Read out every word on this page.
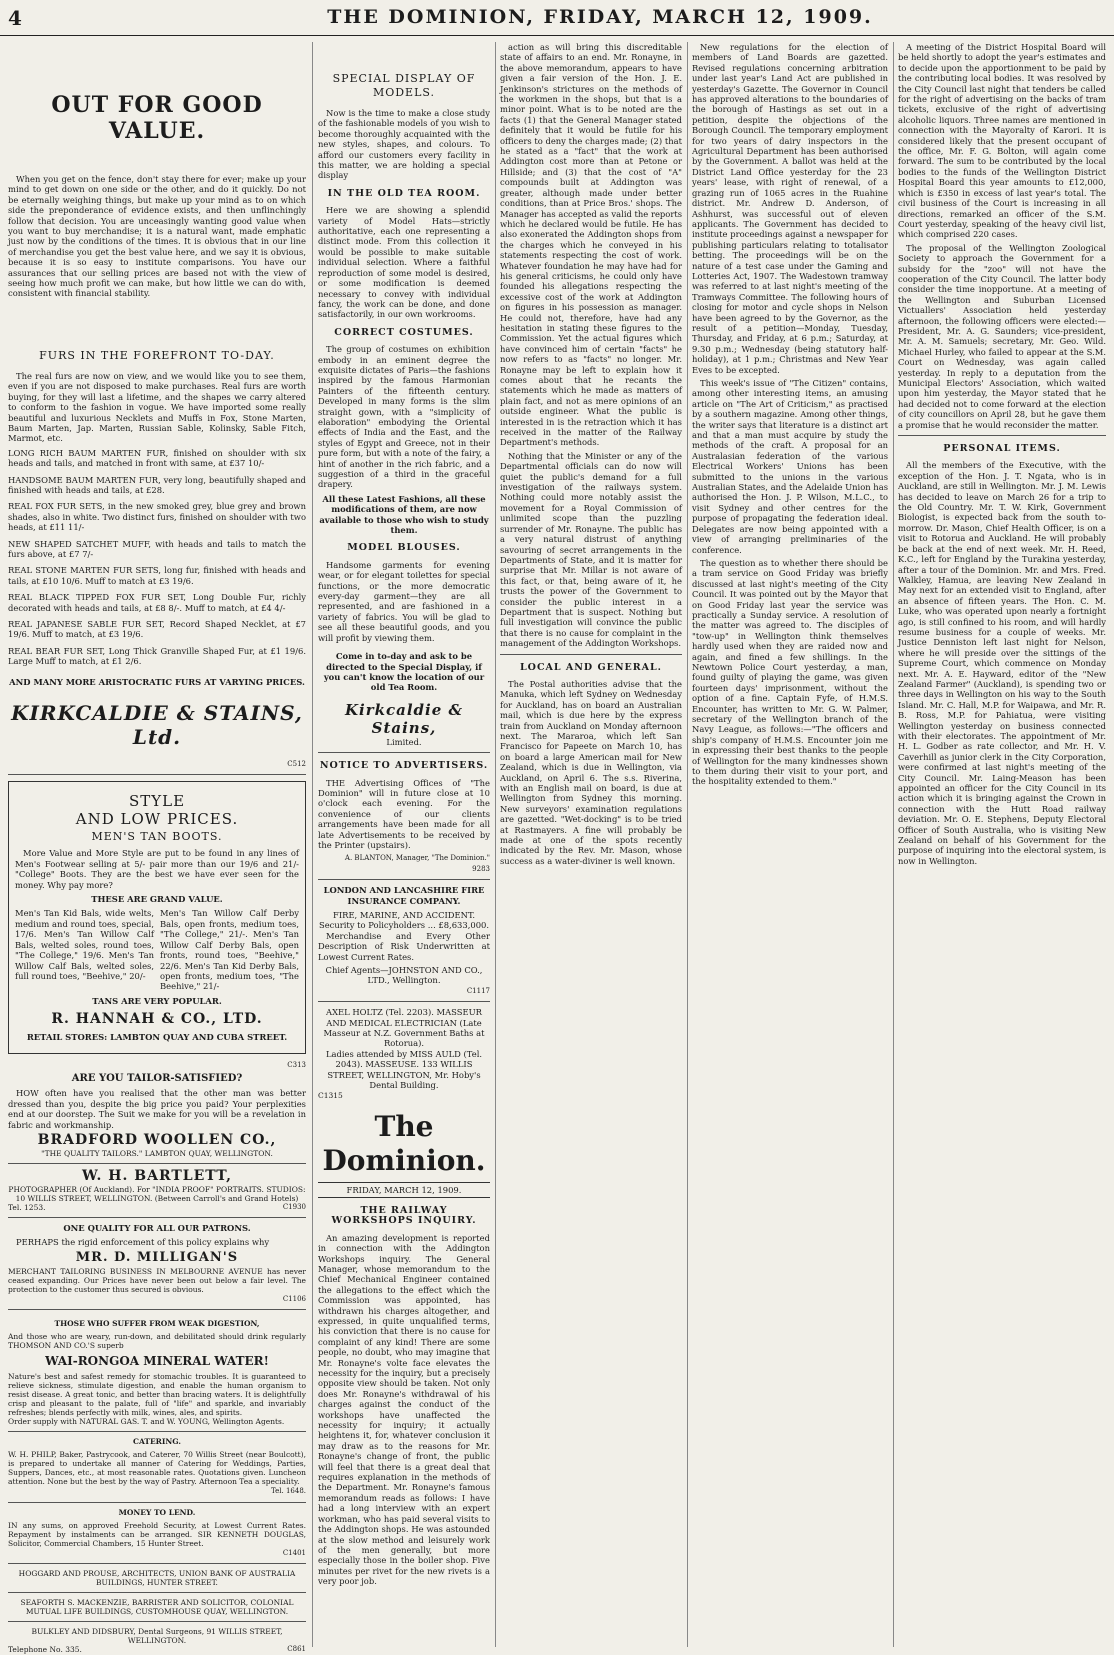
4	THE DOMINION, FRIDAY, MARCH 12, 1909.
OUT FOR GOOD VALUE.

When you get on the fence, don't stay there for ever; make up your mind to get down on one side or the other, and do it quickly. Do not be eternally weighing things, but make up your mind as to on which side the preponderance of evidence exists, and then unflinchingly follow that decision. You are unceasingly wanting good value when you want to buy merchandise; it is a natural want, made emphatic just now by the conditions of the times. It is obvious that in our line of merchandise you get the best value here, and we say it is obvious, because it is so easy to institute comparisons. You have our assurances that our selling prices are based not with the view of seeing how much profit we can make, but how little we can do with, consistent with financial stability.

FURS IN THE FOREFRONT TO-DAY.

The real furs are now on view, and we would like you to see them, even if you are not disposed to make purchases. Real furs are worth buying, for they will last a lifetime, and the shapes we carry altered to conform to the fashion in vogue. We have imported some really beautiful and luxurious Necklets and Muffs in Fox, Stone Marten, Baum Marten, Jap. Marten, Russian Sable, Kolinsky, Sable Fitch, Marmot, etc.

LONG RICH BAUM MARTEN FUR, finished on shoulder with six heads and tails, and matched in front with same, at £37 10/-
HANDSOME BAUM MARTEN FUR, very long, beautifully shaped and finished with heads and tails, at £28.
REAL FOX FUR SETS, in the new smoked grey, blue grey and brown shades, also in white. Two distinct furs, finished on shoulder with two heads, at £11 11/-
NEW SHAPED SATCHET MUFF, with heads and tails to match the furs above, at £7 7/-
REAL STONE MARTEN FUR SETS, long fur, finished with heads and tails, at £10 10/6. Muff to match at £3 19/6.
REAL BLACK TIPPED FOX FUR SET, Long Double Fur, richly decorated with heads and tails, at £8 8/-. Muff to match, at £4 4/-
REAL JAPANESE SABLE FUR SET, Record Shaped Necklet, at £7 19/6. Muff to match, at £3 19/6.
REAL BEAR FUR SET, Long Thick Granville Shaped Fur, at £1 19/6. Large Muff to match, at £1 2/6.
AND MANY MORE ARISTOCRATIC FURS AT VARYING PRICES.
KIRKCALDIE & STAINS, Ltd.
C512
STYLE
AND LOW PRICES.
MEN'S TAN BOOTS.

More Value and More Style are put to be found in any lines of Men's Footwear selling at 5/- pair more than our 19/6 and 21/- "College" Boots. They are the best we have ever seen for the money. Why pay more?

THESE ARE GRAND VALUE.
Men's Tan Kid Bals, wide welts, medium and round toes, special, 17/6. Men's Tan Willow Calf Bals, welted soles, round toes, "The College," 19/6. Men's Tan Willow Calf Bals, welted soles, full round toes, "Beehive," 20/-
Men's Tan Willow Calf Derby Bals, open fronts, medium toes, "The College," 21/-. Men's Tan Willow Calf Derby Bals, open fronts, round toes, "Beehive," 22/6. Men's Tan Kid Derby Bals, open fronts, medium toes, "The Beehive," 21/-
TANS ARE VERY POPULAR.
R. HANNAH & CO., LTD.
RETAIL STORES: LAMBTON QUAY AND CUBA STREET.
C313
ARE YOU TAILOR-SATISFIED?

HOW often have you realised that the other man was better dressed than you, despite the big price you paid? Your perplexities end at our doorstep. The Suit we make for you will be a revelation in fabric and workmanship.

BRADFORD WOOLLEN CO.,
"THE QUALITY TAILORS." LAMBTON QUAY, WELLINGTON.
W. H. BARTLETT,
PHOTOGRAPHER (Of Auckland). For "INDIA PROOF" PORTRAITS. STUDIOS: 10 WILLIS STREET, WELLINGTON. (Between Carroll's and Grand Hotels)
Tel. 1253.	C1930
ONE QUALITY FOR ALL OUR PATRONS.

PERHAPS the rigid enforcement of this policy explains why

MR. D. MILLIGAN'S
MERCHANT TAILORING BUSINESS IN MELBOURNE AVENUE has never ceased expanding. Our Prices have never been out below a fair level. The protection to the customer thus secured is obvious.
C1106
THOSE WHO SUFFER FROM WEAK DIGESTION,
And those who are weary, run-down, and debilitated should drink regularly THOMSON AND CO.'S superb
WAI-RONGOA MINERAL WATER!
Nature's best and safest remedy for stomachic troubles. It is guaranteed to relieve sickness, stimulate digestion, and enable the human organism to resist disease. A great tonic, and better than bracing waters. It is delightfully crisp and pleasant to the palate, full of "life" and sparkle, and invariably refreshes; blends perfectly with milk, wines, ales, and spirits.
Order supply with NATURAL GAS. T. and W. YOUNG, Wellington Agents.
CATERING.
W. H. PHILP, Baker, Pastrycook, and Caterer, 70 Willis Street (near Boulcott), is prepared to undertake all manner of Catering for Weddings, Parties, Suppers, Dances, etc., at most reasonable rates. Quotations given. Luncheon attention. None but the best by the way of Pastry. Afternoon Tea a speciality.
Tel. 1648.
MONEY TO LEND.
IN any sums, on approved Freehold Security, at Lowest Current Rates. Repayment by instalments can be arranged. SIR KENNETH DOUGLAS, Solicitor, Commercial Chambers, 15 Hunter Street.
C1401
HOGGARD AND PROUSE, ARCHITECTS, UNION BANK OF AUSTRALIA BUILDINGS, HUNTER STREET.
SEAFORTH S. MACKENZIE, BARRISTER AND SOLICITOR, COLONIAL MUTUAL LIFE BUILDINGS, CUSTOMHOUSE QUAY, WELLINGTON.
BULKLEY AND DIDSBURY, Dental Surgeons, 91 WILLIS STREET, WELLINGTON.
Telephone No. 335.	C861
SPECIAL DISPLAY OF MODELS.

Now is the time to make a close study of the fashionable models of you wish to become thoroughly acquainted with the new styles, shapes, and colours. To afford our customers every facility in this matter, we are holding a special display

IN THE OLD TEA ROOM.

Here we are showing a splendid variety of Model Hats—strictly authoritative, each one representing a distinct mode. From this collection it would be possible to make suitable individual selection. Where a faithful reproduction of some model is desired, or some modification is deemed necessary to convey with individual fancy, the work can be done, and done satisfactorily, in our own workrooms.

CORRECT COSTUMES.

The group of costumes on exhibition embody in an eminent degree the exquisite dictates of Paris—the fashions inspired by the famous Harmonian Painters of the fifteenth century. Developed in many forms is the slim straight gown, with a "simplicity of elaboration" embodying the Oriental effects of India and the East, and the styles of Egypt and Greece, not in their pure form, but with a note of the fairy, a hint of another in the rich fabric, and a suggestion of a third in the graceful drapery.

All these Latest Fashions, all these modifications of them, are now available to those who wish to study them.
MODEL BLOUSES.

Handsome garments for evening wear, or for elegant toilettes for special functions, or the more democratic every-day garment—they are all represented, and are fashioned in a variety of fabrics. You will be glad to see all these beautiful goods, and you will profit by viewing them.

Come in to-day and ask to be directed to the Special Display, if you can't know the location of our old Tea Room.
Kirkcaldie & Stains,
Limited.
NOTICE TO ADVERTISERS.

THE Advertising Offices of "The Dominion" will in future close at 10 o'clock each evening. For the convenience of our clients arrangements have been made for all late Advertisements to be received by the Printer (upstairs).

A. BLANTON, Manager, "The Dominion."
9283
LONDON AND LANCASHIRE FIRE INSURANCE COMPANY.
FIRE, MARINE, AND ACCIDENT.
Security to Policyholders ... £8,633,000.

Merchandise and Every Other Description of Risk Underwritten at Lowest Current Rates.

Chief Agents—JOHNSTON AND CO., LTD., Wellington.
C1117
AXEL HOLTZ (Tel. 2203). MASSEUR AND MEDICAL ELECTRICIAN (Late Masseur at N.Z. Government Baths at Rotorua).
Ladies attended by MISS AULD (Tel. 2043). MASSEUSE. 133 WILLIS STREET, WELLINGTON, Mr. Hoby's Dental Building.
C1315
The Dominion.
FRIDAY, MARCH 12, 1909.
THE RAILWAY WORKSHOPS INQUIRY.

An amazing development is reported in connection with the Addington Workshops inquiry. The General Manager, whose memorandum to the Chief Mechanical Engineer contained the allegations to the effect which the Commission was appointed, has withdrawn his charges altogether, and expressed, in quite unqualified terms, his conviction that there is no cause for complaint of any kind! There are some people, no doubt, who may imagine that Mr. Ronayne's volte face elevates the necessity for the inquiry, but a precisely opposite view should be taken. Not only does Mr. Ronayne's withdrawal of his charges against the conduct of the workshops have unaffected the necessity for inquiry; it actually heightens it, for, whatever conclusion it may draw as to the reasons for Mr. Ronayne's change of front, the public will feel that there is a great deal that requires explanation in the methods of the Department. Mr. Ronayne's famous memorandum reads as follows: I have had a long interview with an expert workman, who has paid several visits to the Addington shops. He was astounded at the slow method and leisurely work of the men generally, but more especially those in the boiler shop. Five minutes per rivet for the new rivets is a very poor job.

action as will bring this discreditable state of affairs to an end. Mr. Ronayne, in the above memorandum, appears to have given a fair version of the Hon. J. E. Jenkinson's strictures on the methods of the workmen in the shops, but that is a minor point. What is to be noted are the facts (1) that the General Manager stated definitely that it would be futile for his officers to deny the charges made; (2) that he stated as a "fact" that the work at Addington cost more than at Petone or Hillside; and (3) that the cost of "A" compounds built at Addington was greater, although made under better conditions, than at Price Bros.' shops. The Manager has accepted as valid the reports which he declared would be futile. He has also exonerated the Addington shops from the charges which he conveyed in his statements respecting the cost of work. Whatever foundation he may have had for his general criticisms, he could only have founded his allegations respecting the excessive cost of the work at Addington on figures in his possession as manager. He could not, therefore, have had any hesitation in stating these figures to the Commission. Yet the actual figures which have convinced him of certain "facts" he now refers to as "facts" no longer. Mr. Ronayne may be left to explain how it comes about that he recants the statements which he made as matters of plain fact, and not as mere opinions of an outside engineer. What the public is interested in is the retraction which it has received in the matter of the Railway Department's methods.

Nothing that the Minister or any of the Departmental officials can do now will quiet the public's demand for a full investigation of the railways system. Nothing could more notably assist the movement for a Royal Commission of unlimited scope than the puzzling surrender of Mr. Ronayne. The public has a very natural distrust of anything savouring of secret arrangements in the Departments of State, and it is matter for surprise that Mr. Millar is not aware of this fact, or that, being aware of it, he trusts the power of the Government to consider the public interest in a Department that is suspect. Nothing but full investigation will convince the public that there is no cause for complaint in the management of the Addington Workshops.

LOCAL AND GENERAL.

The Postal authorities advise that the Manuka, which left Sydney on Wednesday for Auckland, has on board an Australian mail, which is due here by the express train from Auckland on Monday afternoon next. The Mararoa, which left San Francisco for Papeete on March 10, has on board a large American mail for New Zealand, which is due in Wellington, via Auckland, on April 6. The s.s. Riverina, with an English mail on board, is due at Wellington from Sydney this morning. New surveyors' examination regulations are gazetted. "Wet-docking" is to be tried at Rastmayers. A fine will probably be made at one of the spots recently indicated by the Rev. Mr. Mason, whose success as a water-diviner is well known.

New regulations for the election of members of Land Boards are gazetted. Revised regulations concerning arbitration under last year's Land Act are published in yesterday's Gazette. The Governor in Council has approved alterations to the boundaries of the borough of Hastings as set out in a petition, despite the objections of the Borough Council. The temporary employment for two years of dairy inspectors in the Agricultural Department has been authorised by the Government. A ballot was held at the District Land Office yesterday for the 23 years' lease, with right of renewal, of a grazing run of 1065 acres in the Ruahine district. Mr. Andrew D. Anderson, of Ashhurst, was successful out of eleven applicants. The Government has decided to institute proceedings against a newspaper for publishing particulars relating to totalisator betting. The proceedings will be on the nature of a test case under the Gaming and Lotteries Act, 1907. The Wadestown tramway was referred to at last night's meeting of the Tramways Committee. The following hours of closing for motor and cycle shops in Nelson have been agreed to by the Governor, as the result of a petition—Monday, Tuesday, Thursday, and Friday, at 6 p.m.; Saturday, at 9.30 p.m.; Wednesday (being statutory half-holiday), at 1 p.m.; Christmas and New Year Eves to be excepted.

This week's issue of "The Citizen" contains, among other interesting items, an amusing article on "The Art of Criticism," as practised by a southern magazine. Among other things, the writer says that literature is a distinct art and that a man must acquire by study the methods of the craft. A proposal for an Australasian federation of the various Electrical Workers' Unions has been submitted to the unions in the various Australian States, and the Adelaide Union has authorised the Hon. J. P. Wilson, M.L.C., to visit Sydney and other centres for the purpose of propagating the federation ideal. Delegates are now being appointed with a view of arranging preliminaries of the conference.

The question as to whether there should be a tram service on Good Friday was briefly discussed at last night's meeting of the City Council. It was pointed out by the Mayor that on Good Friday last year the service was practically a Sunday service. A resolution of the matter was agreed to. The disciples of "tow-up" in Wellington think themselves hardly used when they are raided now and again, and fined a few shillings. In the Newtown Police Court yesterday, a man, found guilty of playing the game, was given fourteen days' imprisonment, without the option of a fine. Captain Fyfe, of H.M.S. Encounter, has written to Mr. G. W. Palmer, secretary of the Wellington branch of the Navy League, as follows:—"The officers and ship's company of H.M.S. Encounter join me in expressing their best thanks to the people of Wellington for the many kindnesses shown to them during their visit to your port, and the hospitality extended to them."

A meeting of the District Hospital Board will be held shortly to adopt the year's estimates and to decide upon the apportionment to be paid by the contributing local bodies. It was resolved by the City Council last night that tenders be called for the right of advertising on the backs of tram tickets, exclusive of the right of advertising alcoholic liquors. Three names are mentioned in connection with the Mayoralty of Karori. It is considered likely that the present occupant of the office, Mr. F. G. Bolton, will again come forward. The sum to be contributed by the local bodies to the funds of the Wellington District Hospital Board this year amounts to £12,000, which is £350 in excess of last year's total. The civil business of the Court is increasing in all directions, remarked an officer of the S.M. Court yesterday, speaking of the heavy civil list, which comprised 220 cases.

The proposal of the Wellington Zoological Society to approach the Government for a subsidy for the "zoo" will not have the cooperation of the City Council. The latter body consider the time inopportune. At a meeting of the Wellington and Suburban Licensed Victuallers' Association held yesterday afternoon, the following officers were elected:—President, Mr. A. G. Saunders; vice-president, Mr. A. M. Samuels; secretary, Mr. Geo. Wild. Michael Hurley, who failed to appear at the S.M. Court on Wednesday, was again called yesterday. In reply to a deputation from the Municipal Electors' Association, which waited upon him yesterday, the Mayor stated that he had decided not to come forward at the election of city councillors on April 28, but he gave them a promise that he would reconsider the matter.

PERSONAL ITEMS.

All the members of the Executive, with the exception of the Hon. J. T. Ngata, who is in Auckland, are still in Wellington. Mr. J. M. Lewis has decided to leave on March 26 for a trip to the Old Country. Mr. T. W. Kirk, Government Biologist, is expected back from the south to-morrow. Dr. Mason, Chief Health Officer, is on a visit to Rotorua and Auckland. He will probably be back at the end of next week. Mr. H. Reed, K.C., left for England by the Turakina yesterday, after a tour of the Dominion. Mr. and Mrs. Fred. Walkley, Hamua, are leaving New Zealand in May next for an extended visit to England, after an absence of fifteen years. The Hon. C. M. Luke, who was operated upon nearly a fortnight ago, is still confined to his room, and will hardly resume business for a couple of weeks. Mr. Justice Denniston left last night for Nelson, where he will preside over the sittings of the Supreme Court, which commence on Monday next. Mr. A. E. Hayward, editor of the "New Zealand Farmer" (Auckland), is spending two or three days in Wellington on his way to the South Island. Mr. C. Hall, M.P. for Waipawa, and Mr. R. B. Ross, M.P. for Pahiatua, were visiting Wellington yesterday on business connected with their electorates. The appointment of Mr. H. L. Godber as rate collector, and Mr. H. V. Caverhill as junior clerk in the City Corporation, were confirmed at last night's meeting of the City Council. Mr. Laing-Meason has been appointed an officer for the City Council in its action which it is bringing against the Crown in connection with the Hutt Road railway deviation. Mr. O. E. Stephens, Deputy Electoral Officer of South Australia, who is visiting New Zealand on behalf of his Government for the purpose of inquiring into the electoral system, is now in Wellington.
